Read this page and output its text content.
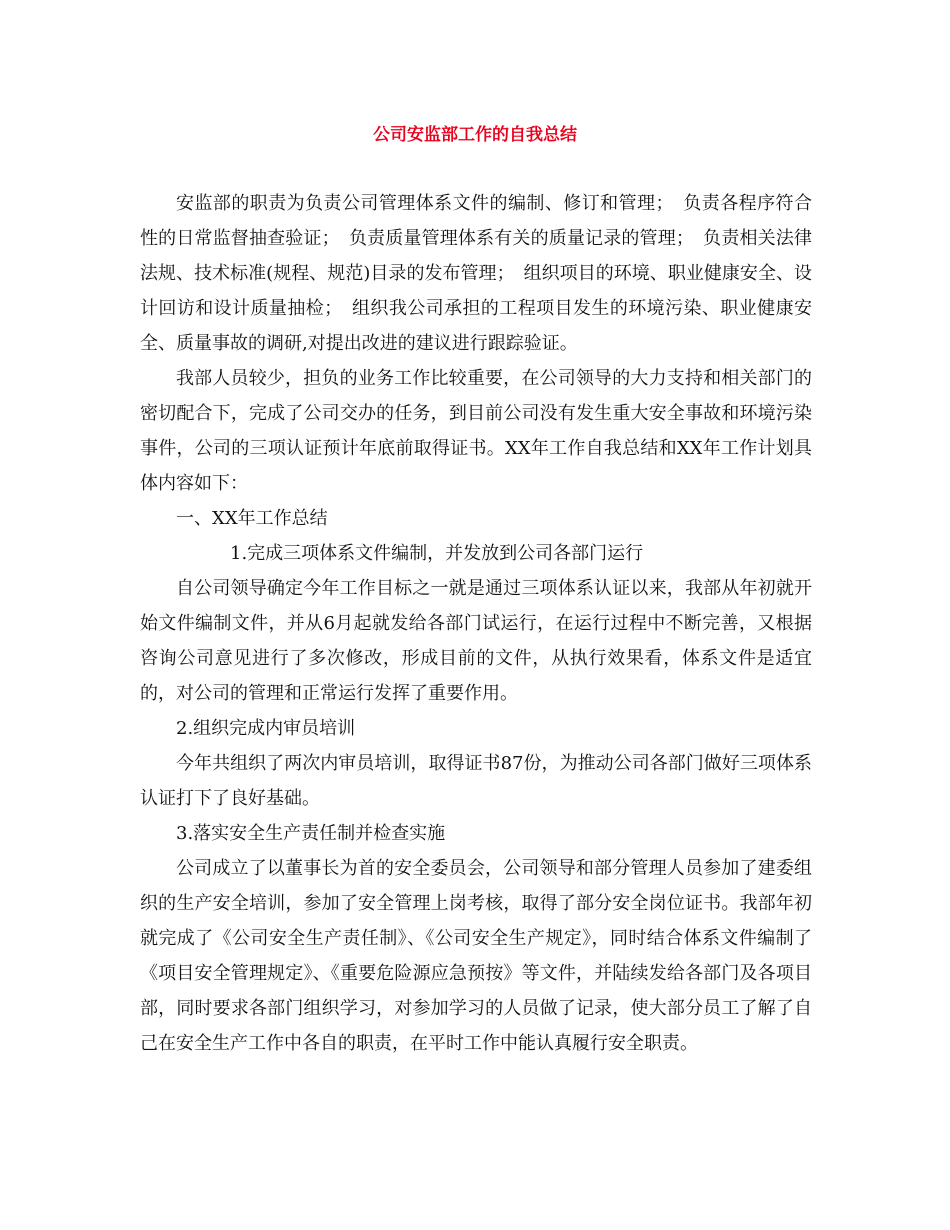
公司安监部工作的自我总结

安监部的职责为负责公司管理体系文件的编制、修订和管理；　负责各程序符合性的日常监督抽查验证；　负责质量管理体系有关的质量记录的管理；　负责相关法律法规、技术标准(规程、规范)目录的发布管理；　组织项目的环境、职业健康安全、设计回访和设计质量抽检；　组织我公司承担的工程项目发生的环境污染、职业健康安全、质量事故的调研,对提出改进的建议进行跟踪验证。

我部人员较少，担负的业务工作比较重要，在公司领导的大力支持和相关部门的密切配合下，完成了公司交办的任务，到目前公司没有发生重大安全事故和环境污染事件，公司的三项认证预计年底前取得证书。XX年工作自我总结和XX年工作计划具体内容如下：

一、XX年工作总结

1.完成三项体系文件编制，并发放到公司各部门运行

自公司领导确定今年工作目标之一就是通过三项体系认证以来，我部从年初就开始文件编制文件，并从6月起就发给各部门试运行，在运行过程中不断完善，又根据咨询公司意见进行了多次修改，形成目前的文件，从执行效果看，体系文件是适宜的，对公司的管理和正常运行发挥了重要作用。

2.组织完成内审员培训

今年共组织了两次内审员培训，取得证书87份，为推动公司各部门做好三项体系认证打下了良好基础。

3.落实安全生产责任制并检查实施

公司成立了以董事长为首的安全委员会，公司领导和部分管理人员参加了建委组织的生产安全培训，参加了安全管理上岗考核，取得了部分安全岗位证书。我部年初就完成了《公司安全生产责任制》、《公司安全生产规定》，同时结合体系文件编制了《项目安全管理规定》、《重要危险源应急预按》等文件，并陆续发给各部门及各项目部，同时要求各部门组织学习，对参加学习的人员做了记录，使大部分员工了解了自己在安全生产工作中各自的职责，在平时工作中能认真履行安全职责。
